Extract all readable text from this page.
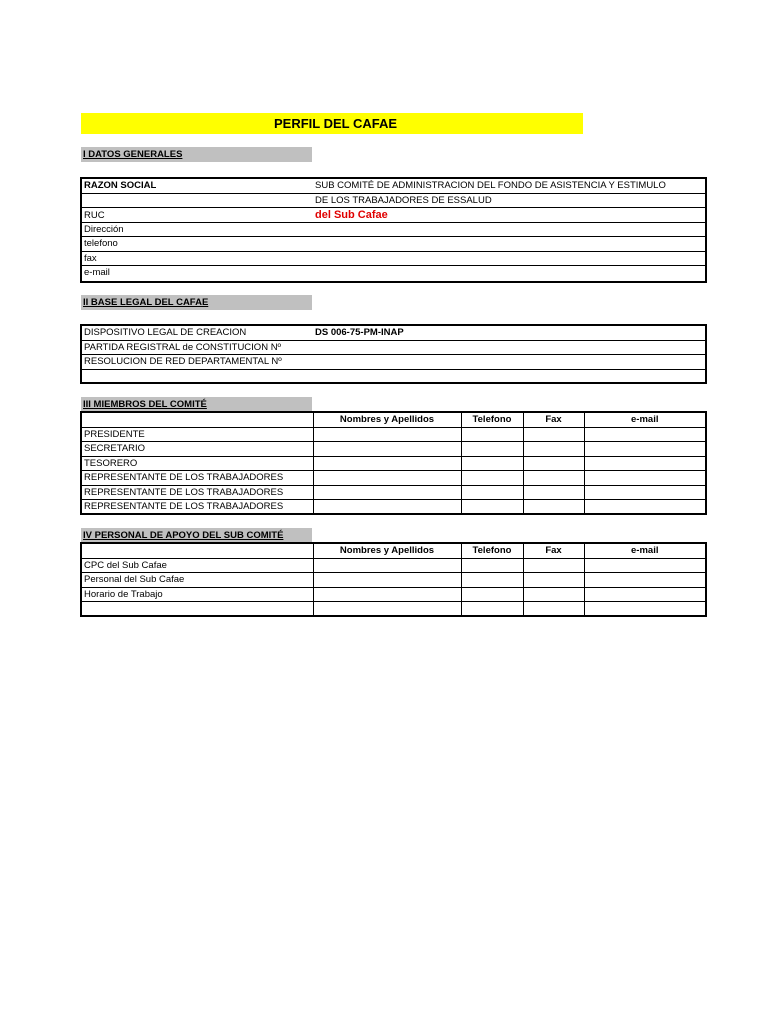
PERFIL DEL CAFAE
I DATOS GENERALES
RAZON SOCIAL	SUB COMITÉ DE ADMINISTRACION DEL FONDO DE ASISTENCIA Y ESTIMULO
DE LOS TRABAJADORES DE ESSALUD
RUC	del Sub Cafae
Dirección
telefono
fax
e-mail
II BASE LEGAL DEL CAFAE
DISPOSITIVO LEGAL DE CREACION	DS 006-75-PM-INAP
PARTIDA REGISTRAL de CONSTITUCION Nº
RESOLUCION DE RED DEPARTAMENTAL Nº
III MIEMBROS DEL COMITÉ
	Nombres y Apellidos	Telefono	Fax	e-mail
PRESIDENTE				
SECRETARIO				
TESORERO				
REPRESENTANTE DE LOS TRABAJADORES				
REPRESENTANTE DE LOS TRABAJADORES				
REPRESENTANTE DE LOS TRABAJADORES				
IV PERSONAL DE APOYO DEL SUB COMITÉ
	Nombres y Apellidos	Telefono	Fax	e-mail
CPC del Sub Cafae				
Personal del Sub Cafae				
Horario de Trabajo				
